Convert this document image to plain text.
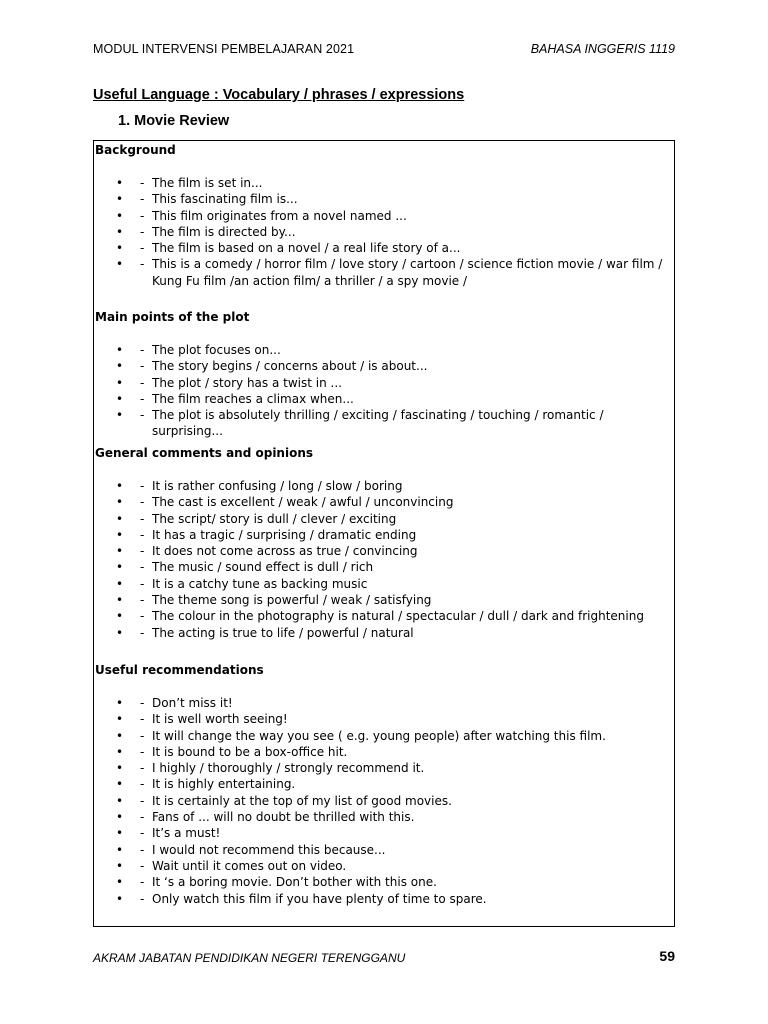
MODUL INTERVENSI PEMBELAJARAN 2021	BAHASA INGGERIS 1119
Useful Language : Vocabulary / phrases / expressions
1. Movie Review
Background
• - The film is set in...
• - This fascinating film is...
• - This film originates from a novel named ...
• - The film is directed by...
• - The film is based on a novel / a real life story of a...
• - This is a comedy / horror film / love story / cartoon / science fiction movie / war film / Kung Fu film /an action film/ a thriller / a spy movie /
Main points of the plot
• - The plot focuses on...
• - The story begins / concerns about / is about...
• - The plot / story has a twist in ...
• - The film reaches a climax when...
• - The plot is absolutely thrilling / exciting / fascinating / touching / romantic / surprising...
General comments and opinions
• - It is rather confusing / long / slow / boring
• - The cast is excellent / weak / awful / unconvincing
• - The script/ story is dull / clever / exciting
• - It has a tragic / surprising / dramatic ending
• - It does not come across as true / convincing
• - The music / sound effect is dull / rich
• - It is a catchy tune as backing music
• - The theme song is powerful / weak / satisfying
• - The colour in the photography is natural / spectacular / dull / dark and frightening
• - The acting is true to life / powerful / natural
Useful recommendations
• - Don’t miss it!
• - It is well worth seeing!
• - It will change the way you see ( e.g. young people) after watching this film.
• - It is bound to be a box-office hit.
• - I highly / thoroughly / strongly recommend it.
• - It is highly entertaining.
• - It is certainly at the top of my list of good movies.
• - Fans of ... will no doubt be thrilled with this.
• - It’s a must!
• - I would not recommend this because...
• - Wait until it comes out on video.
• - It ‘s a boring movie. Don’t bother with this one.
• - Only watch this film if you have plenty of time to spare.
AKRAM JABATAN PENDIDIKAN NEGERI TERENGGANU	59
